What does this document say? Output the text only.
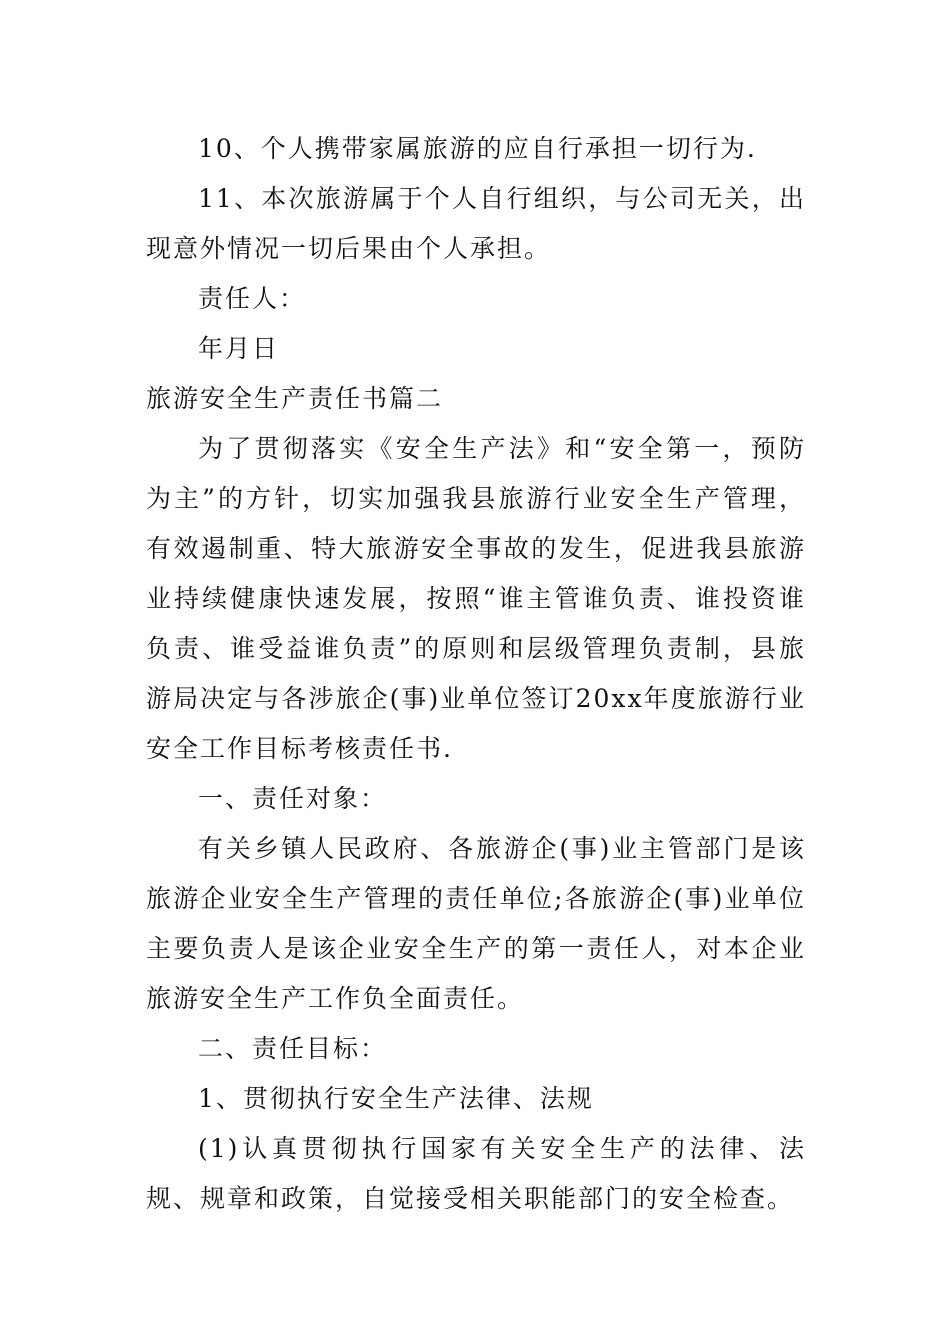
10、个人携带家属旅游的应自行承担一切行为.

11、本次旅游属于个人自行组织，与公司无关，出现意外情况一切后果由个人承担。

责任人：

年月日

旅游安全生产责任书篇二

为了贯彻落实《安全生产法》和“安全第一，预防为主”的方针，切实加强我县旅游行业安全生产管理，有效遏制重、特大旅游安全事故的发生，促进我县旅游业持续健康快速发展，按照“谁主管谁负责、谁投资谁负责、谁受益谁负责”的原则和层级管理负责制，县旅游局决定与各涉旅企(事)业单位签订20xx年度旅游行业安全工作目标考核责任书.

一、责任对象：

有关乡镇人民政府、各旅游企(事)业主管部门是该旅游企业安全生产管理的责任单位;各旅游企(事)业单位主要负责人是该企业安全生产的第一责任人，对本企业旅游安全生产工作负全面责任。

二、责任目标：

1、贯彻执行安全生产法律、法规

(1)认真贯彻执行国家有关安全生产的法律、法规、规章和政策，自觉接受相关职能部门的安全检查。
